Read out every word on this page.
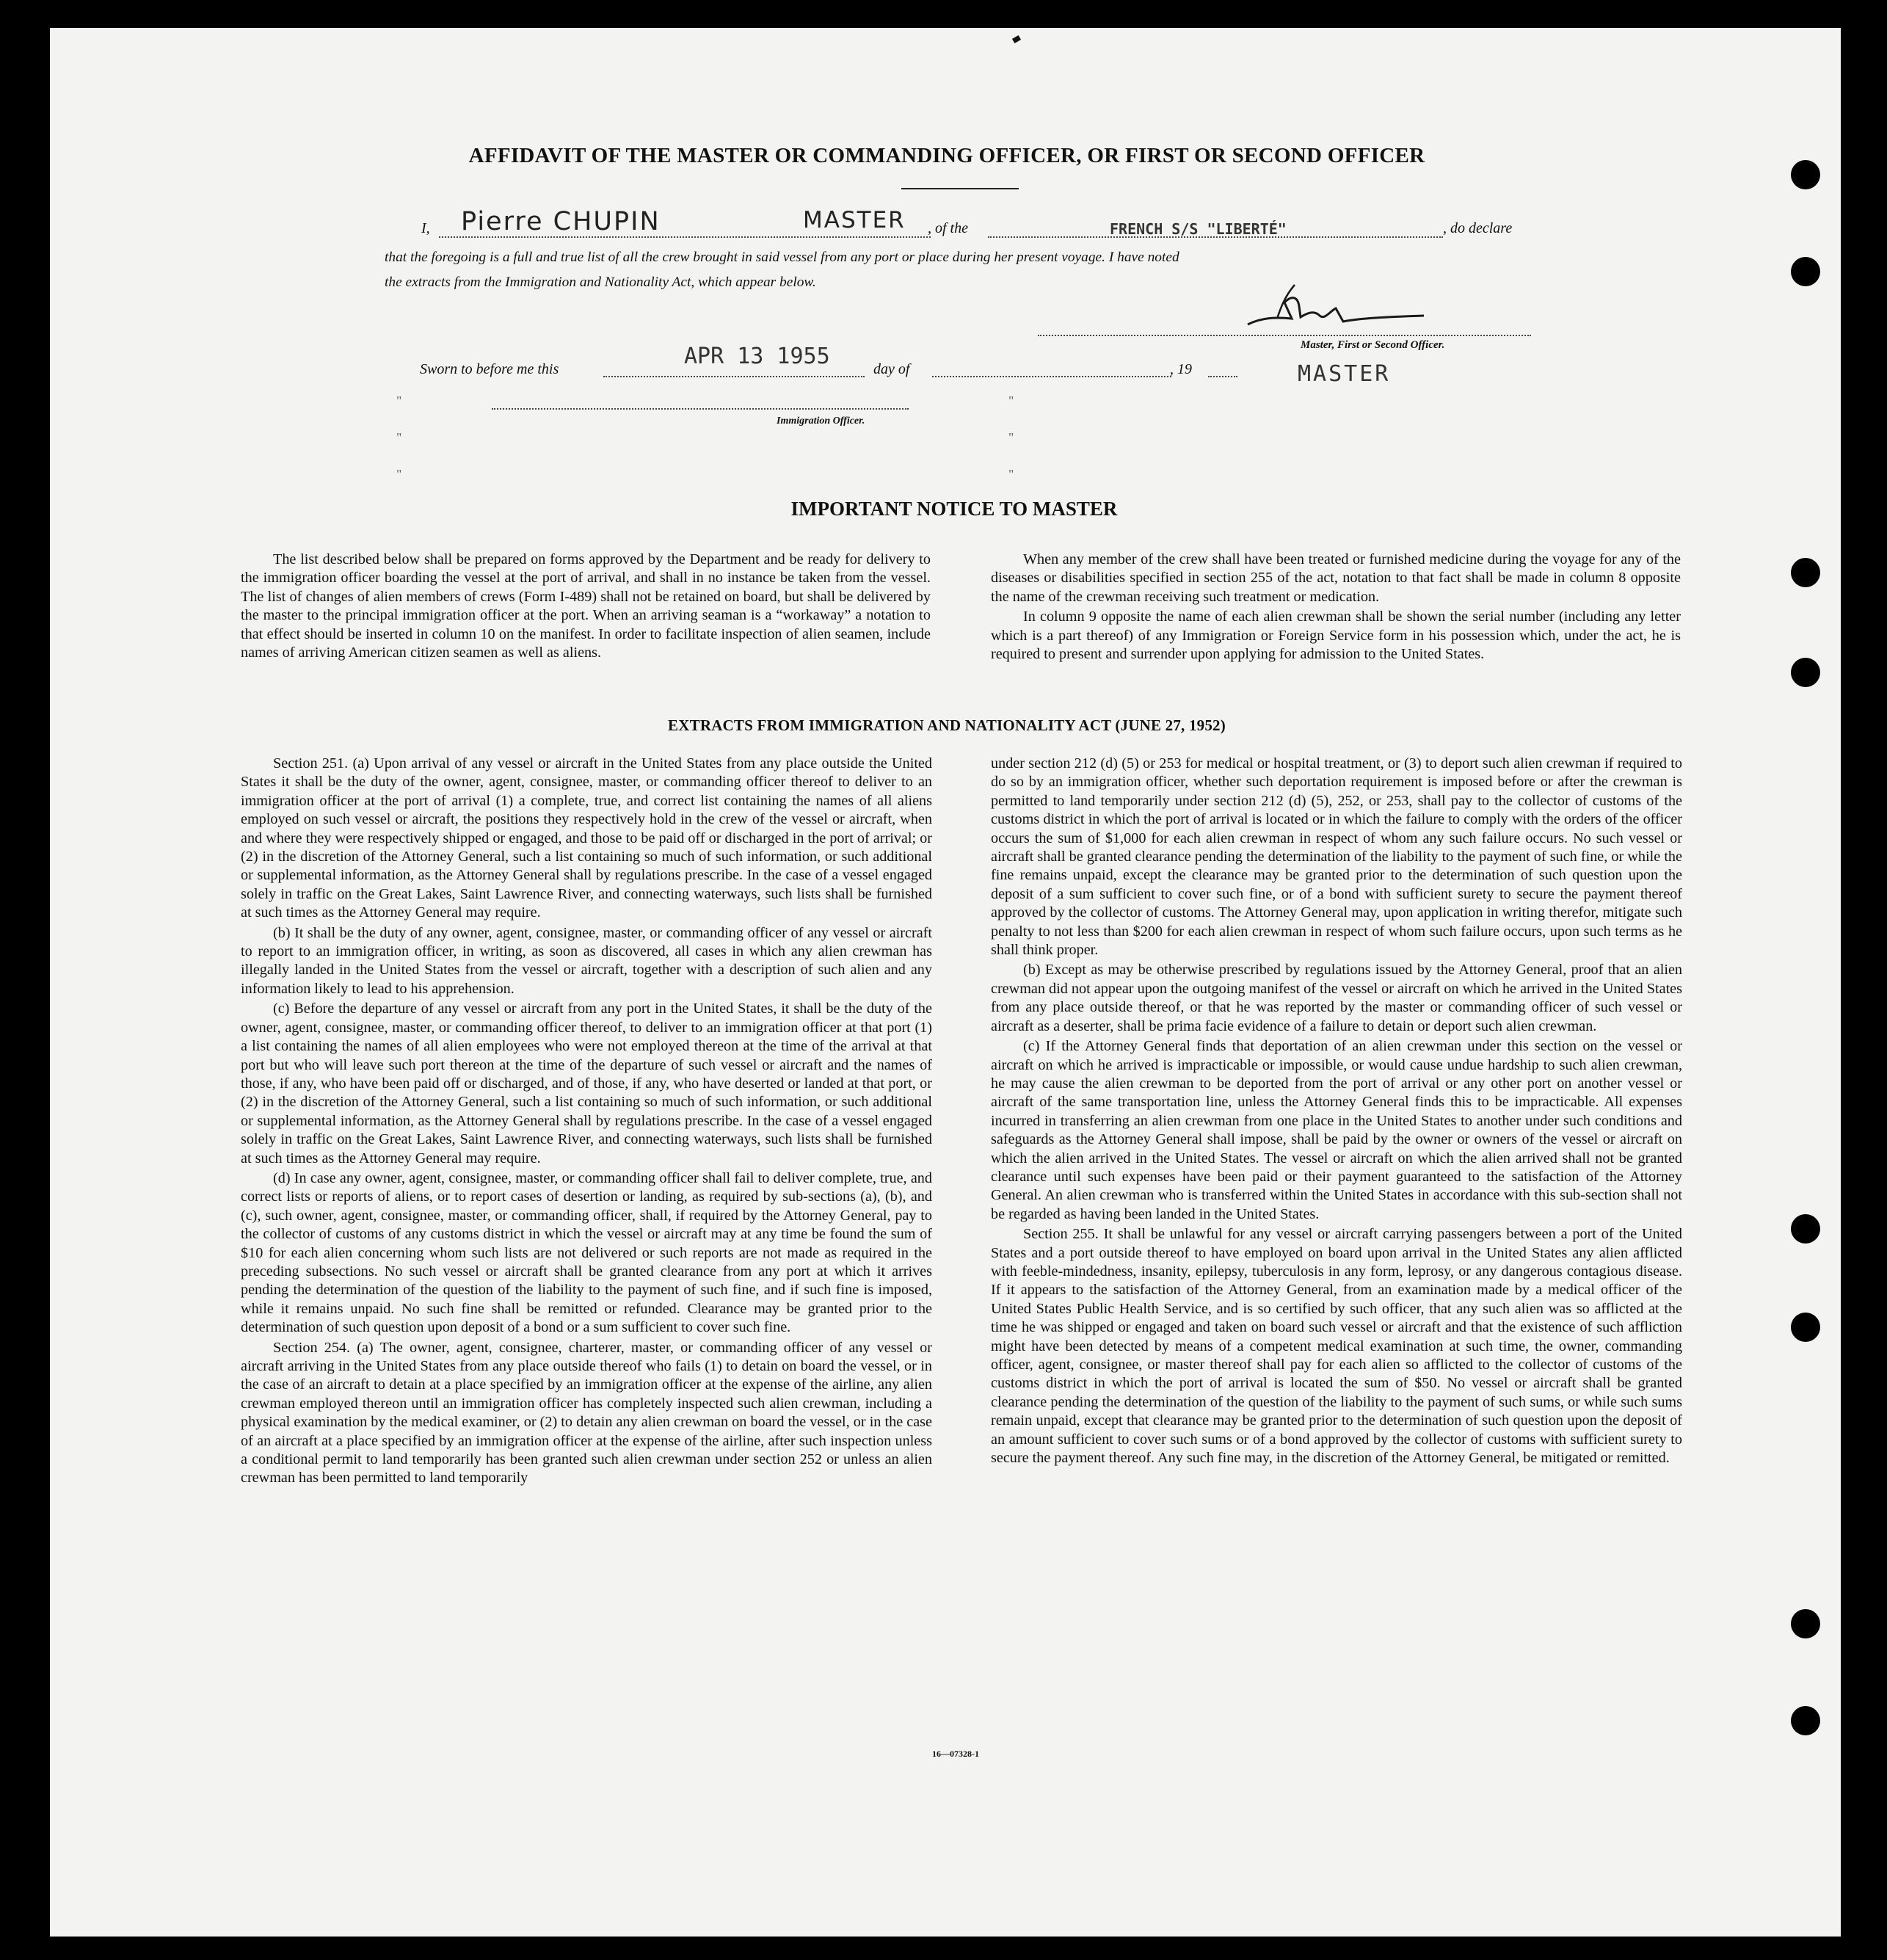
AFFIDAVIT OF THE MASTER OR COMMANDING OFFICER, OR FIRST OR SECOND OFFICER
I, Pierre CHUPIN	MASTER , of the	FRENCH S/S "LIBERTÉ"	, do declare
that the foregoing is a full and true list of all the crew brought in said vessel from any port or place during her present voyage. I have noted
the extracts from the Immigration and Nationality Act, which appear below.
Master, First or Second Officer.
MASTER
Sworn to before me this	APR 13 1955	day of	, 19
Immigration Officer.
"	"
"	"
"	"
IMPORTANT NOTICE TO MASTER

The list described below shall be prepared on forms approved by the Department and be ready for delivery to the immigration officer boarding the vessel at the port of arrival, and shall in no instance be taken from the vessel. The list of changes of alien members of crews (Form I-489) shall not be retained on board, but shall be delivered by the master to the principal immigration officer at the port. When an arriving seaman is a “workaway” a notation to that effect should be inserted in column 10 on the manifest. In order to facilitate inspection of alien seamen, include names of arriving American citizen seamen as well as aliens.

When any member of the crew shall have been treated or furnished medicine during the voyage for any of the diseases or disabilities specified in section 255 of the act, notation to that fact shall be made in column 8 opposite the name of the crewman receiving such treatment or medication.

In column 9 opposite the name of each alien crewman shall be shown the serial number (including any letter which is a part thereof) of any Immigration or Foreign Service form in his possession which, under the act, he is required to present and surrender upon applying for admission to the United States.

EXTRACTS FROM IMMIGRATION AND NATIONALITY ACT (JUNE 27, 1952)

Section 251. (a) Upon arrival of any vessel or aircraft in the United States from any place outside the United States it shall be the duty of the owner, agent, consignee, master, or commanding officer thereof to deliver to an immigration officer at the port of arrival (1) a complete, true, and correct list containing the names of all aliens employed on such vessel or aircraft, the positions they respectively hold in the crew of the vessel or aircraft, when and where they were respectively shipped or engaged, and those to be paid off or discharged in the port of arrival; or (2) in the discretion of the Attorney General, such a list containing so much of such information, or such additional or supplemental information, as the Attorney General shall by regulations prescribe. In the case of a vessel engaged solely in traffic on the Great Lakes, Saint Lawrence River, and connecting waterways, such lists shall be furnished at such times as the Attorney General may require.

(b) It shall be the duty of any owner, agent, consignee, master, or commanding officer of any vessel or aircraft to report to an immigration officer, in writing, as soon as discovered, all cases in which any alien crewman has illegally landed in the United States from the vessel or aircraft, together with a description of such alien and any information likely to lead to his apprehension.

(c) Before the departure of any vessel or aircraft from any port in the United States, it shall be the duty of the owner, agent, consignee, master, or commanding officer thereof, to deliver to an immigration officer at that port (1) a list containing the names of all alien employees who were not employed thereon at the time of the arrival at that port but who will leave such port thereon at the time of the departure of such vessel or aircraft and the names of those, if any, who have been paid off or discharged, and of those, if any, who have deserted or landed at that port, or (2) in the discretion of the Attorney General, such a list containing so much of such information, or such additional or supplemental information, as the Attorney General shall by regulations prescribe. In the case of a vessel engaged solely in traffic on the Great Lakes, Saint Lawrence River, and connecting waterways, such lists shall be furnished at such times as the Attorney General may require.

(d) In case any owner, agent, consignee, master, or commanding officer shall fail to deliver complete, true, and correct lists or reports of aliens, or to report cases of desertion or landing, as required by sub-sections (a), (b), and (c), such owner, agent, consignee, master, or commanding officer, shall, if required by the Attorney General, pay to the collector of customs of any customs district in which the vessel or aircraft may at any time be found the sum of $10 for each alien concerning whom such lists are not delivered or such reports are not made as required in the preceding subsections. No such vessel or aircraft shall be granted clearance from any port at which it arrives pending the determination of the question of the liability to the payment of such fine, and if such fine is imposed, while it remains unpaid. No such fine shall be remitted or refunded. Clearance may be granted prior to the determination of such question upon deposit of a bond or a sum sufficient to cover such fine.

Section 254. (a) The owner, agent, consignee, charterer, master, or commanding officer of any vessel or aircraft arriving in the United States from any place outside thereof who fails (1) to detain on board the vessel, or in the case of an aircraft to detain at a place specified by an immigration officer at the expense of the airline, any alien crewman employed thereon until an immigration officer has completely inspected such alien crewman, including a physical examination by the medical examiner, or (2) to detain any alien crewman on board the vessel, or in the case of an aircraft at a place specified by an immigration officer at the expense of the airline, after such inspection unless a conditional permit to land temporarily has been granted such alien crewman under section 252 or unless an alien crewman has been permitted to land temporarily

under section 212 (d) (5) or 253 for medical or hospital treatment, or (3) to deport such alien crewman if required to do so by an immigration officer, whether such deportation requirement is imposed before or after the crewman is permitted to land temporarily under section 212 (d) (5), 252, or 253, shall pay to the collector of customs of the customs district in which the port of arrival is located or in which the failure to comply with the orders of the officer occurs the sum of $1,000 for each alien crewman in respect of whom any such failure occurs. No such vessel or aircraft shall be granted clearance pending the determination of the liability to the payment of such fine, or while the fine remains unpaid, except the clearance may be granted prior to the determination of such question upon the deposit of a sum sufficient to cover such fine, or of a bond with sufficient surety to secure the payment thereof approved by the collector of customs. The Attorney General may, upon application in writing therefor, mitigate such penalty to not less than $200 for each alien crewman in respect of whom such failure occurs, upon such terms as he shall think proper.

(b) Except as may be otherwise prescribed by regulations issued by the Attorney General, proof that an alien crewman did not appear upon the outgoing manifest of the vessel or aircraft on which he arrived in the United States from any place outside thereof, or that he was reported by the master or commanding officer of such vessel or aircraft as a deserter, shall be prima facie evidence of a failure to detain or deport such alien crewman.

(c) If the Attorney General finds that deportation of an alien crewman under this section on the vessel or aircraft on which he arrived is impracticable or impossible, or would cause undue hardship to such alien crewman, he may cause the alien crewman to be deported from the port of arrival or any other port on another vessel or aircraft of the same transportation line, unless the Attorney General finds this to be impracticable. All expenses incurred in transferring an alien crewman from one place in the United States to another under such conditions and safeguards as the Attorney General shall impose, shall be paid by the owner or owners of the vessel or aircraft on which the alien arrived in the United States. The vessel or aircraft on which the alien arrived shall not be granted clearance until such expenses have been paid or their payment guaranteed to the satisfaction of the Attorney General. An alien crewman who is transferred within the United States in accordance with this sub-section shall not be regarded as having been landed in the United States.

Section 255. It shall be unlawful for any vessel or aircraft carrying passengers between a port of the United States and a port outside thereof to have employed on board upon arrival in the United States any alien afflicted with feeble-mindedness, insanity, epilepsy, tuberculosis in any form, leprosy, or any dangerous contagious disease. If it appears to the satisfaction of the Attorney General, from an examination made by a medical officer of the United States Public Health Service, and is so certified by such officer, that any such alien was so afflicted at the time he was shipped or engaged and taken on board such vessel or aircraft and that the existence of such affliction might have been detected by means of a competent medical examination at such time, the owner, commanding officer, agent, consignee, or master thereof shall pay for each alien so afflicted to the collector of customs of the customs district in which the port of arrival is located the sum of $50. No vessel or aircraft shall be granted clearance pending the determination of the question of the liability to the payment of such sums, or while such sums remain unpaid, except that clearance may be granted prior to the determination of such question upon the deposit of an amount sufficient to cover such sums or of a bond approved by the collector of customs with sufficient surety to secure the payment thereof. Any such fine may, in the discretion of the Attorney General, be mitigated or remitted.

16—07328-1
